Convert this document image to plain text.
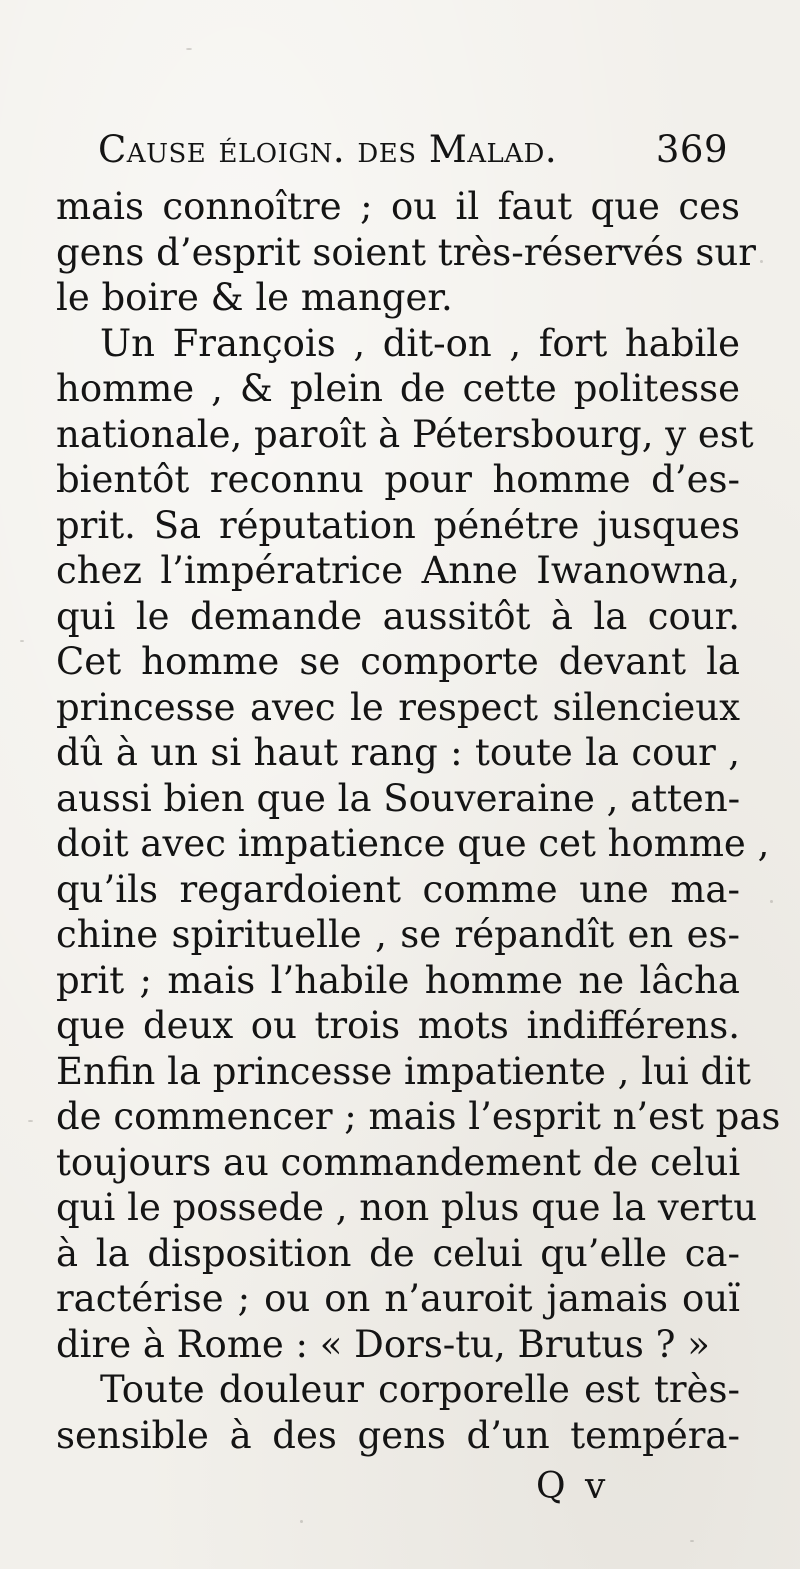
Cause éloign. des Malad.	369
mais connoître ; ou il faut que ces
gens d’esprit soient très-réservés sur
le boire & le manger.
Un François , dit-on , fort habile
homme , & plein de cette politesse
nationale, paroît à Pétersbourg, y est
bientôt reconnu pour homme d’es-
prit. Sa réputation pénétre jusques
chez l’impératrice Anne Iwanowna,
qui le demande aussitôt à la cour.
Cet homme se comporte devant la
princesse avec le respect silencieux
dû à un si haut rang : toute la cour ,
aussi bien que la Souveraine , atten-
doit avec impatience que cet homme ,
qu’ils regardoient comme une ma-
chine spirituelle , se répandît en es-
prit ; mais l’habile homme ne lâcha
que deux ou trois mots indifférens.
Enfin la princesse impatiente , lui dit
de commencer ; mais l’esprit n’est pas
toujours au commandement de celui
qui le possede , non plus que la vertu
à la disposition de celui qu’elle ca-
ractérise ; ou on n’auroit jamais ouï
dire à Rome : « Dors-tu, Brutus ? »
Toute douleur corporelle est très-
sensible à des gens d’un tempéra-
Q v
